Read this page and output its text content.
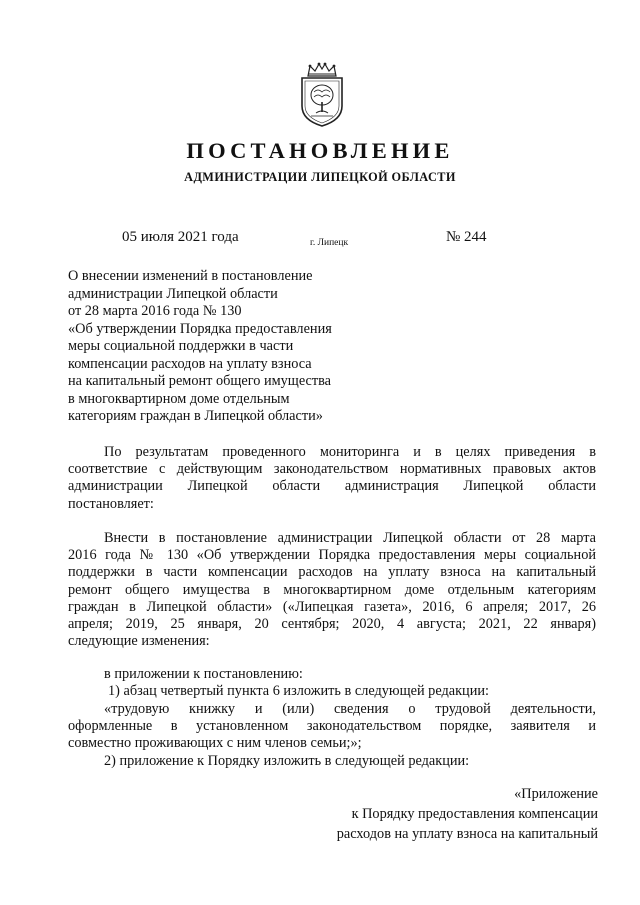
ПОСТАНОВЛЕНИЕ
АДМИНИСТРАЦИИ ЛИПЕЦКОЙ ОБЛАСТИ
05 июля 2021 года	г. Липецк	№ 244
О внесении изменений в постановление
администрации Липецкой области
от 28 марта 2016 года № 130
«Об утверждении Порядка предоставления
меры социальной поддержки в части
компенсации расходов на уплату взноса
на капитальный ремонт общего имущества
в многоквартирном доме отдельным
категориям граждан в Липецкой области»
По результатам проведенного мониторинга и в целях приведения в
соответствие с действующим законодательством нормативных правовых актов
администрации Липецкой области администрация Липецкой области
постановляет:
Внести в постановление администрации Липецкой области от 28 марта
2016 года № 130 «Об утверждении Порядка предоставления меры социальной
поддержки в части компенсации расходов на уплату взноса на капитальный
ремонт общего имущества в многоквартирном доме отдельным категориям
граждан в Липецкой области» («Липецкая газета», 2016, 6 апреля; 2017, 26
апреля; 2019, 25 января, 20 сентября; 2020, 4 августа; 2021, 22 января)
следующие изменения:
в приложении к постановлению:
1) абзац четвертый пункта 6 изложить в следующей редакции:
«трудовую книжку и (или) сведения о трудовой деятельности,
оформленные в установленном законодательством порядке, заявителя и
совместно проживающих с ним членов семьи;»;
2) приложение к Порядку изложить в следующей редакции:
«Приложение
к Порядку предоставления компенсации
расходов на уплату взноса на капитальный
